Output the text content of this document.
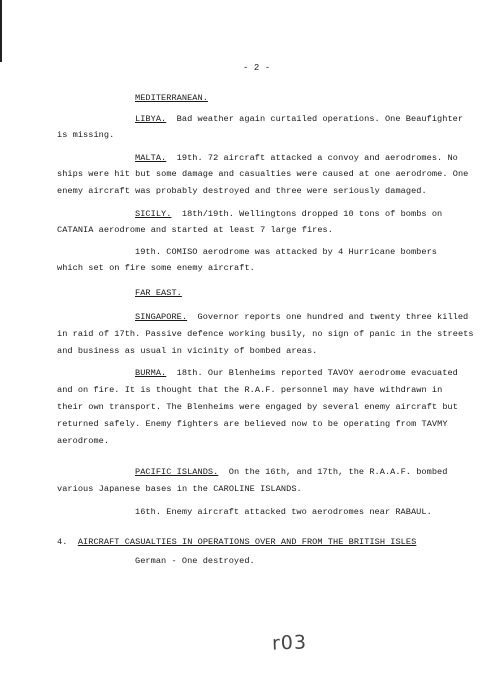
- 2 -
MEDITERRANEAN.
LIBYA. Bad weather again curtailed operations. One Beaufighter
is missing.
MALTA. 19th. 72 aircraft attacked a convoy and aerodromes. No
ships were hit but some damage and casualties were caused at one aerodrome. One
enemy aircraft was probably destroyed and three were seriously damaged.
SICILY. 18th/19th. Wellingtons dropped 10 tons of bombs on
CATANIA aerodrome and started at least 7 large fires.
19th. COMISO aerodrome was attacked by 4 Hurricane bombers
which set on fire some enemy aircraft.
FAR EAST.
SINGAPORE. Governor reports one hundred and twenty three killed
in raid of 17th. Passive defence working busily, no sign of panic in the streets
and business as usual in vicinity of bombed areas.
BURMA. 18th. Our Blenheims reported TAVOY aerodrome evacuated
and on fire. It is thought that the R.A.F. personnel may have withdrawn in
their own transport. The Blenheims were engaged by several enemy aircraft but
returned safely. Enemy fighters are believed now to be operating from TAVMY
aerodrome.
PACIFIC ISLANDS. On the 16th, and 17th, the R.A.A.F. bombed
various Japanese bases in the CAROLINE ISLANDS.
16th. Enemy aircraft attacked two aerodromes near RABAUL.
4. AIRCRAFT CASUALTIES IN OPERATIONS OVER AND FROM THE BRITISH ISLES
German - One destroyed.
r03
